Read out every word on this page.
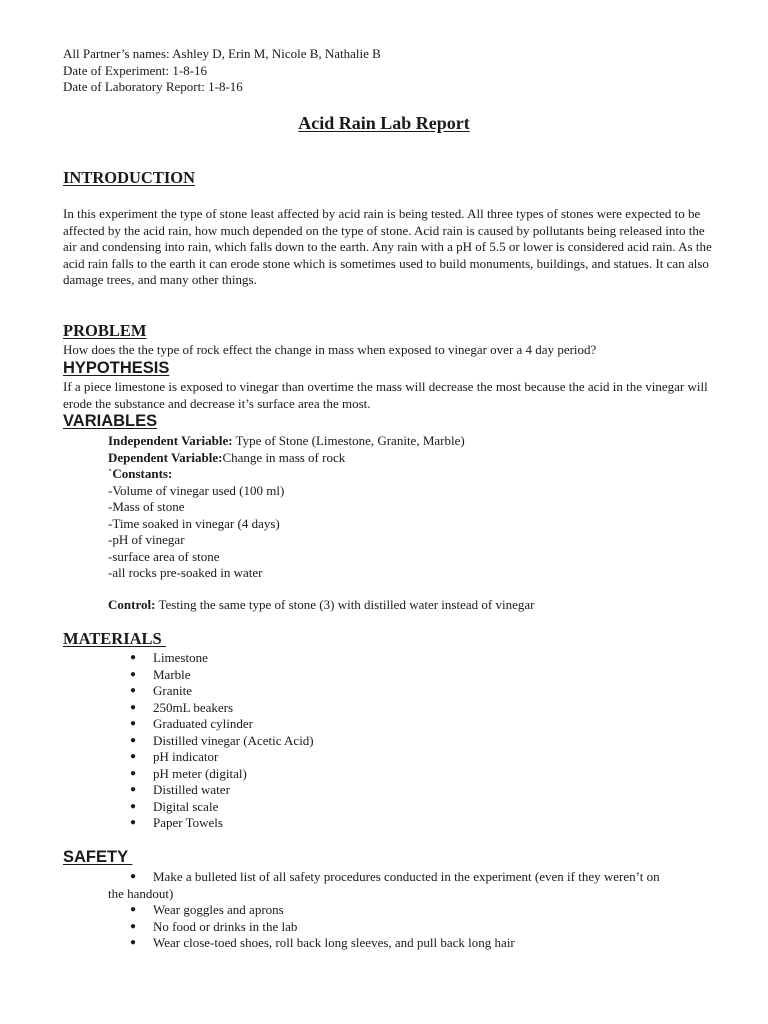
All Partner’s names: Ashley D, Erin M, Nicole B, Nathalie B
Date of Experiment: 1-8-16
Date of Laboratory Report: 1-8-16
Acid Rain Lab Report
INTRODUCTION
In this experiment the type of stone least affected by acid rain is being tested. All three types of stones were expected to be affected by the acid rain, how much depended on the type of stone. Acid rain is caused by pollutants being released into the air and condensing into rain, which falls down to the earth. Any rain with a pH of 5.5 or lower is considered acid rain. As the acid rain falls to the earth it can erode stone which is sometimes used to build monuments, buildings, and statues. It can also damage trees, and many other things.
PROBLEM
How does the the type of rock effect the change in mass when exposed to vinegar over a 4 day period?
HYPOTHESIS
If a piece limestone is exposed to vinegar than overtime the mass will decrease the most because the acid in the vinegar will erode the substance and decrease it’s surface area the most.
VARIABLES
Independent Variable: Type of Stone (Limestone, Granite, Marble)
Dependent Variable:Change in mass of rock
`Constants:
-Volume of vinegar used (100 ml)
-Mass of stone
-Time soaked in vinegar (4 days)
-pH of vinegar
-surface area of stone
-all rocks pre-soaked in water
Control: Testing the same type of stone (3) with distilled water instead of vinegar
MATERIALS
● Limestone
● Marble
● Granite
● 250mL beakers
● Graduated cylinder
● Distilled vinegar (Acetic Acid)
● pH indicator
● pH meter (digital)
● Distilled water
● Digital scale
● Paper Towels
SAFETY
● Make a bulleted list of all safety procedures conducted in the experiment (even if they weren’t on
the handout)
● Wear goggles and aprons
● No food or drinks in the lab
● Wear close-toed shoes, roll back long sleeves, and pull back long hair
